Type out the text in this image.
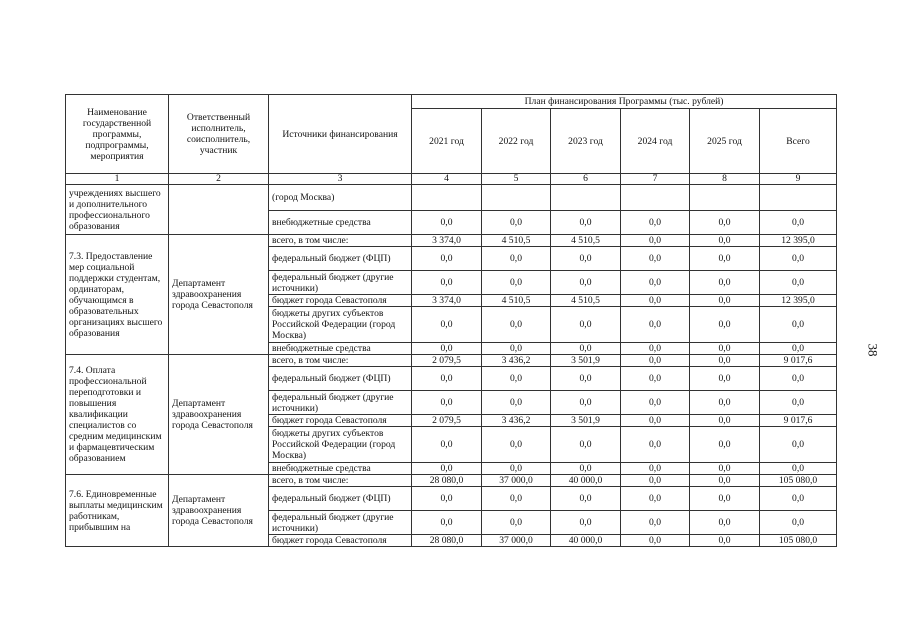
Наименование государственной программы, подпрограммы, мероприятия	Ответственный исполнитель, соисполнитель, участник	Источники финансирования	План финансирования Программы (тыс. рублей)					
			2021 год	2022 год	2023 год	2024 год	2025 год	Всего
1	2	3	4	5	6	7	8	9
учреждениях высшего и дополнительного профессионального образования		(город Москва)						
		внебюджетные средства	0,0	0,0	0,0	0,0	0,0	0,0
7.3. Предоставление мер социальной поддержки студентам, ординаторам, обучающимся в образовательных организациях высшего образования	Департамент здравоохранения города Севастополя	всего, в том числе:	3 374,0	4 510,5	4 510,5	0,0	0,0	12 395,0
		федеральный бюджет (ФЦП)	0,0	0,0	0,0	0,0	0,0	0,0
		федеральный бюджет (другие источники)	0,0	0,0	0,0	0,0	0,0	0,0
		бюджет города Севастополя	3 374,0	4 510,5	4 510,5	0,0	0,0	12 395,0
		бюджеты других субъектов Российской Федерации (город Москва)	0,0	0,0	0,0	0,0	0,0	0,0
		внебюджетные средства	0,0	0,0	0,0	0,0	0,0	0,0
7.4. Оплата профессиональной переподготовки и повышения квалификации специалистов со средним медицинским и фармацевтическим образованием	Департамент здравоохранения города Севастополя	всего, в том числе:	2 079,5	3 436,2	3 501,9	0,0	0,0	9 017,6
		федеральный бюджет (ФЦП)	0,0	0,0	0,0	0,0	0,0	0,0
		федеральный бюджет (другие источники)	0,0	0,0	0,0	0,0	0,0	0,0
		бюджет города Севастополя	2 079,5	3 436,2	3 501,9	0,0	0,0	9 017,6
		бюджеты других субъектов Российской Федерации (город Москва)	0,0	0,0	0,0	0,0	0,0	0,0
		внебюджетные средства	0,0	0,0	0,0	0,0	0,0	0,0
7.6. Единовременные выплаты медицинским работникам, прибывшим на	Департамент здравоохранения города Севастополя	всего, в том числе:	28 080,0	37 000,0	40 000,0	0,0	0,0	105 080,0
		федеральный бюджет (ФЦП)	0,0	0,0	0,0	0,0	0,0	0,0
		федеральный бюджет (другие источники)	0,0	0,0	0,0	0,0	0,0	0,0
		бюджет города Севастополя	28 080,0	37 000,0	40 000,0	0,0	0,0	105 080,0
38
